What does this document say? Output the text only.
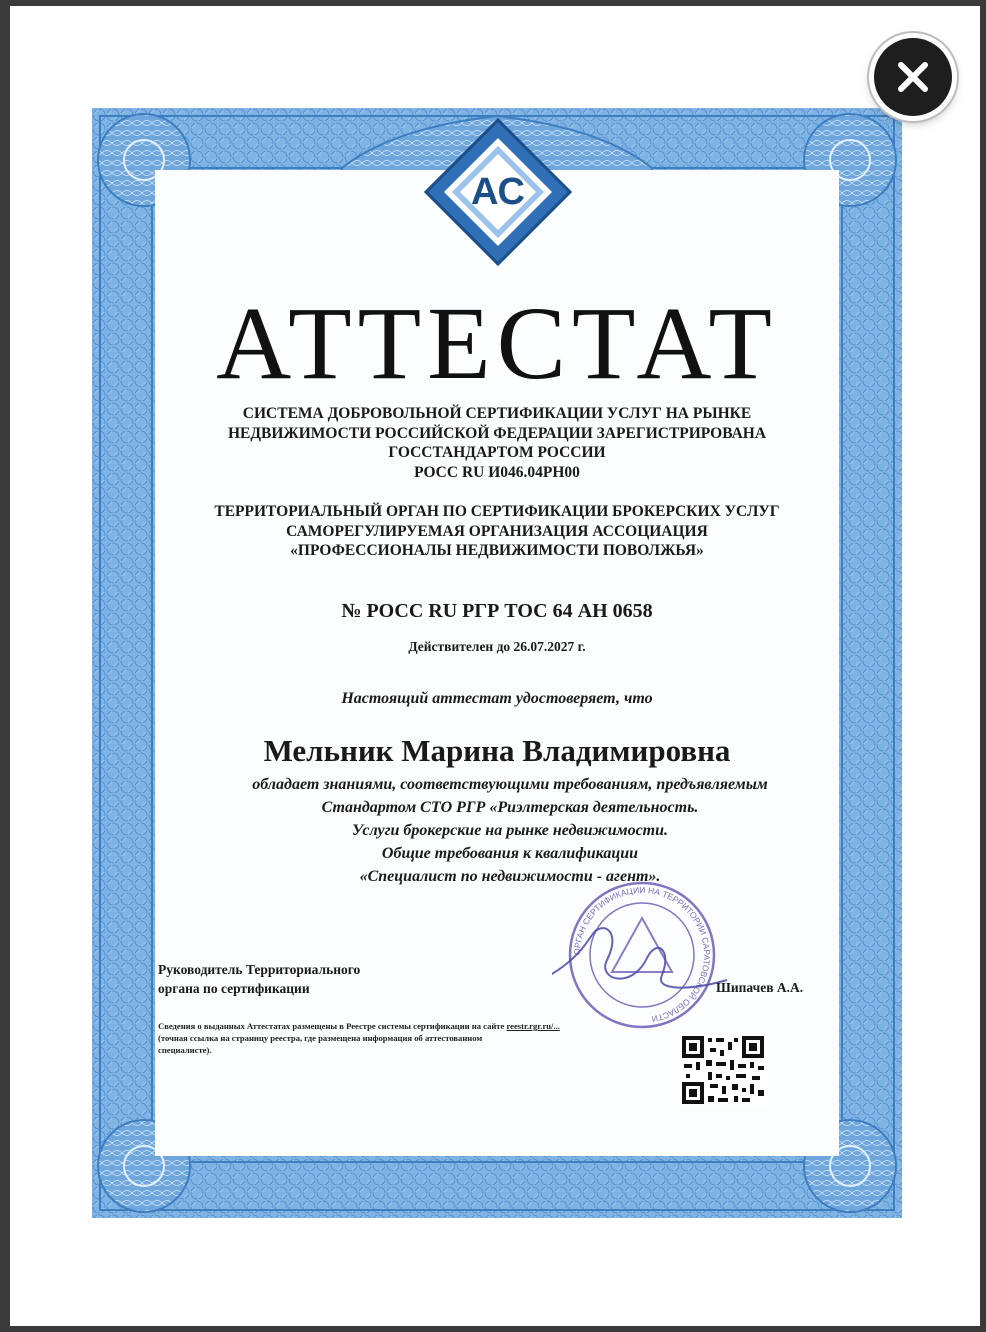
АС
АТТЕСТАТ
СИСТЕМА ДОБРОВОЛЬНОЙ СЕРТИФИКАЦИИ УСЛУГ НА РЫНКЕ
НЕДВИЖИМОСТИ РОССИЙСКОЙ ФЕДЕРАЦИИ ЗАРЕГИСТРИРОВАНА
ГОССТАНДАРТОМ РОССИИ
РОСС RU И046.04РН00
ТЕРРИТОРИАЛЬНЫЙ ОРГАН ПО СЕРТИФИКАЦИИ БРОКЕРСКИХ УСЛУГ
САМОРЕГУЛИРУЕМАЯ ОРГАНИЗАЦИЯ АССОЦИАЦИЯ
«ПРОФЕССИОНАЛЫ НЕДВИЖИМОСТИ ПОВОЛЖЬЯ»
№ РОСС RU РГР ТОС 64 АН 0658
Действителен до 26.07.2027 г.
Настоящий аттестат удостоверяет, что
Мельник Марина Владимировна
обладает знаниями, соответствующими требованиям, предъявляемым
Стандартом СТО РГР «Риэлтерская деятельность.
Услуги брокерские на рынке недвижимости.
Общие требования к квалификации
«Специалист по недвижимости - агент».
ОРГАН СЕРТИФИКАЦИИ НА ТЕРРИТОРИИ САРАТОВСКОЙ ОБЛАСТИ
Руководитель Территориального
органа по сертификации	Шипачев А.А.
Сведения о выданных Аттестатах размещены в Реестре системы сертификации на сайте reestr.rgr.ru/...
(точная ссылка на страницу реестра, где размещена информация об аттестованном
специалисте).
